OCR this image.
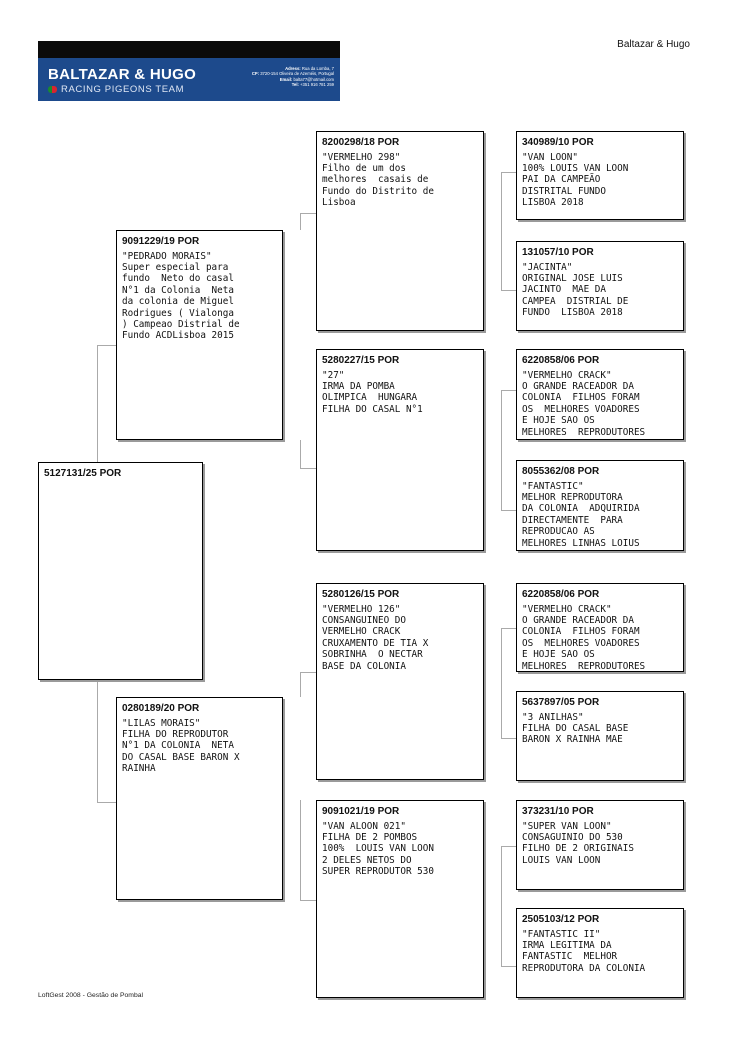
Baltazar & Hugo
BALTAZAR & HUGO
RACING PIGEONS TEAM
Adress: Rua da Lomba, 7
CP: 3720-154 Oliveira de Azeméis, Portugal
Email: balta77@hotmail.com
Tel: +351 916 781 259
5127131/25 POR
9091229/19 POR
"PEDRADO MORAIS"
Super especial para
fundo  Neto do casal
N°1 da Colonia  Neta
da colonia de Miguel
Rodrigues ( Vialonga
) Campeao Distrial de
Fundo ACDLisboa 2015
0280189/20 POR
"LILAS MORAIS"
FILHA DO REPRODUTOR
N°1 DA COLONIA  NETA
DO CASAL BASE BARON X
RAINHA
8200298/18 POR
"VERMELHO 298"
Filho de um dos
melhores  casais de
Fundo do Distrito de
Lisboa
5280227/15 POR
"27"
IRMA DA POMBA
OLIMPICA  HUNGARA
FILHA DO CASAL N°1
5280126/15 POR
"VERMELHO 126"
CONSANGUINEO DO
VERMELHO CRACK
CRUXAMENTO DE TIA X
SOBRINHA  O NECTAR
BASE DA COLONIA
9091021/19 POR
"VAN ALOON 021"
FILHA DE 2 POMBOS
100%  LOUIS VAN LOON
2 DELES NETOS DO
SUPER REPRODUTOR 530
340989/10 POR
"VAN LOON"
100% LOUIS VAN LOON
PAI DA CAMPEÃO
DISTRITAL FUNDO
LISBOA 2018
131057/10 POR
"JACINTA"
ORIGINAL JOSE LUIS
JACINTO  MAE DA
CAMPEA  DISTRIAL DE
FUNDO  LISBOA 2018
6220858/06 POR
"VERMELHO CRACK"
O GRANDE RACEADOR DA
COLONIA  FILHOS FORAM
OS  MELHORES VOADORES
E HOJE SAO OS
MELHORES  REPRODUTORES
8055362/08 POR
"FANTASTIC"
MELHOR REPRODUTORA
DA COLONIA  ADQUIRIDA
DIRECTAMENTE  PARA
REPRODUCAO AS
MELHORES LINHAS LOIUS
6220858/06 POR
"VERMELHO CRACK"
O GRANDE RACEADOR DA
COLONIA  FILHOS FORAM
OS  MELHORES VOADORES
E HOJE SAO OS
MELHORES  REPRODUTORES
5637897/05 POR
"3 ANILHAS"
FILHA DO CASAL BASE
BARON X RAINHA MAE
373231/10 POR
"SUPER VAN LOON"
CONSAGUINIO DO 530
FILHO DE 2 ORIGINAIS
LOUIS VAN LOON
2505103/12 POR
"FANTASTIC II"
IRMA LEGITIMA DA
FANTASTIC  MELHOR
REPRODUTORA DA COLONIA
LoftGest 2008 - Gestão de Pombal
